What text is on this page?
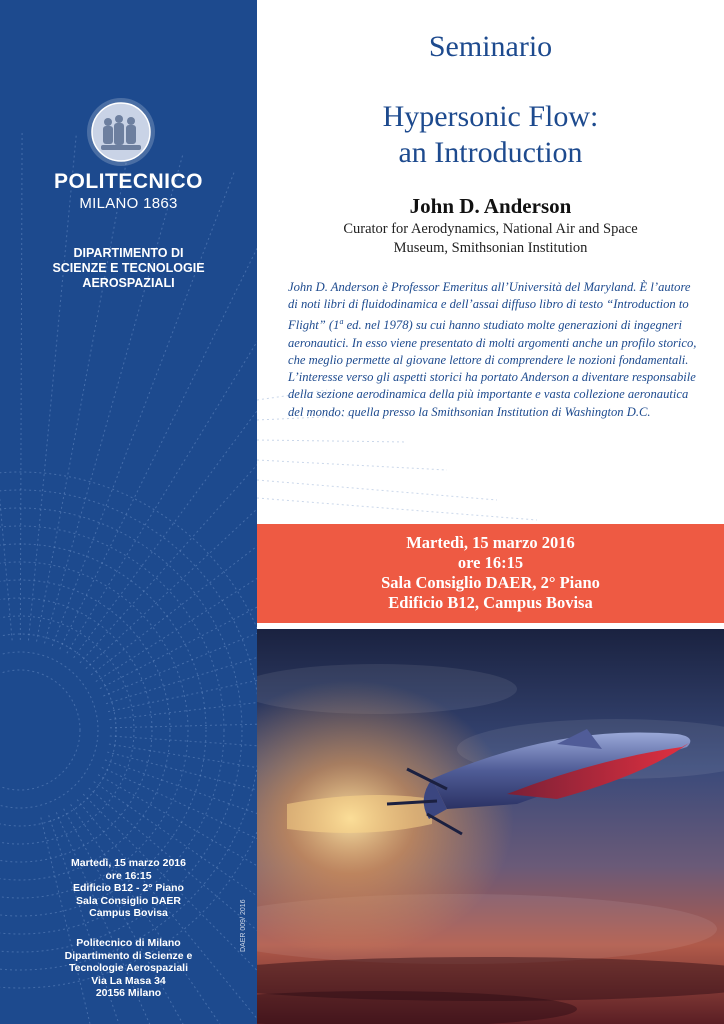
POLITECNICO
MILANO 1863
DIPARTIMENTO DI
SCIENZE E TECNOLOGIE
AEROSPAZIALI
Martedì, 15 marzo 2016
ore 16:15
Edificio B12 - 2° Piano
Sala Consiglio DAER
Campus Bovisa
Politecnico di Milano
Dipartimento di Scienze e
Tecnologie Aerospaziali
Via La Masa 34
20156 Milano
DAER 009/ 2016
Seminario
Hypersonic Flow:
an Introduction
John D. Anderson
Curator for Aerodynamics, National Air and Space
Museum, Smithsonian Institution
John D. Anderson è Professor Emeritus all’Università del Maryland. È l’autore di noti libri di fluidodinamica e dell’assai diffuso libro di testo “Introduction to Flight” (1$^a$ ed. nel 1978) su cui hanno studiato molte generazioni di ingegneri aeronautici. In esso viene presentato di molti argomenti anche un profilo storico, che meglio permette al giovane lettore di comprendere le nozioni fondamentali. L’interesse verso gli aspetti storici ha portato Anderson a diventare responsabile della sezione aerodinamica della più importante e vasta collezione aeronautica del mondo: quella presso la Smithsonian Institution di Washington D.C.
Martedì, 15 marzo 2016
ore 16:15
Sala Consiglio DAER, 2° Piano
Edificio B12, Campus Bovisa
